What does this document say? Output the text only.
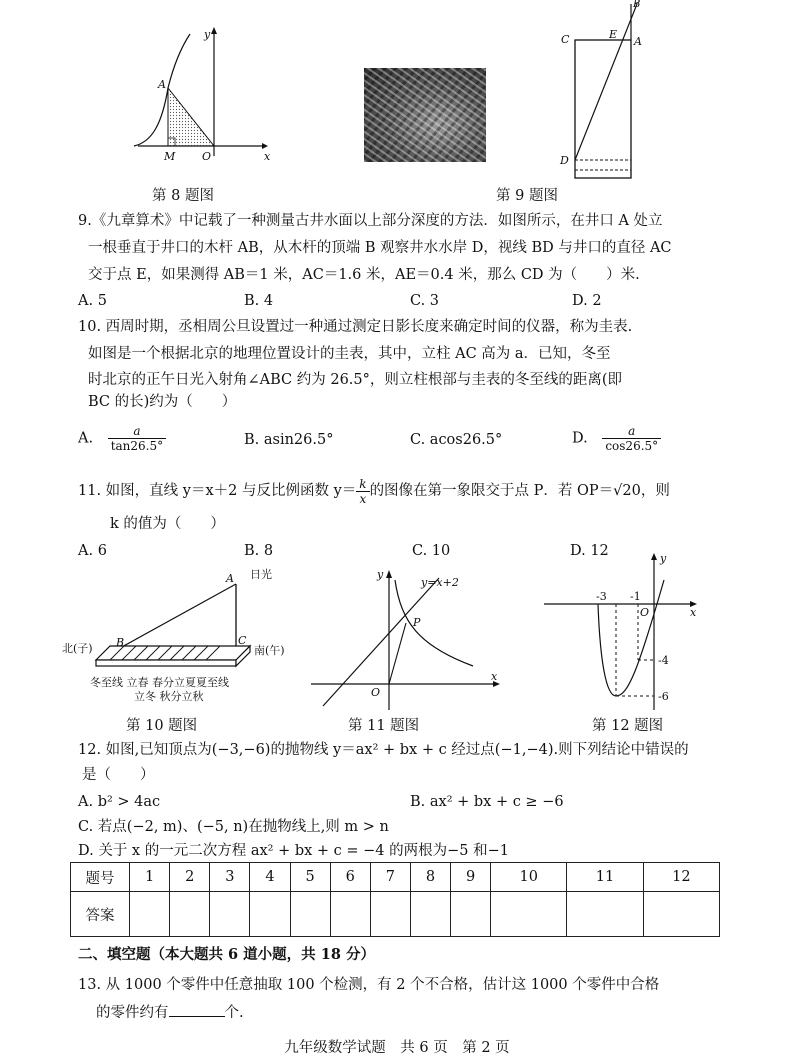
y
x
A
M O
第 8 题图
B
C	E
A
D
第 9 题图
9.《九章算术》中记载了一种测量古井水面以上部分深度的方法．如图所示，在井口 A 处立
一根垂直于井口的木杆 AB，从木杆的顶端 B 观察井水水岸 D，视线 BD 与井口的直径 AC
交于点 E，如果测得 AB＝1 米，AC＝1.6 米，AE＝0.4 米，那么 CD 为（　　）米.
A. 5	B. 4	C. 3	D. 2
10. 西周时期，丞相周公旦设置过一种通过测定日影长度来确定时间的仪器，称为圭表.
如图是一个根据北京的地理位置设计的圭表，其中，立柱 AC 高为 a．已知，冬至
时北京的正午日光入射角∠ABC 约为 26.5°，则立柱根部与圭表的冬至线的距离(即
BC 的长)约为（　　）
A. $\frac{a}{\tan 26.5^\circ}$	B. asin26.5°	C. acos26.5°	D. $\frac{a}{\cos 26.5^\circ}$
11. 如图，直线 y＝x＋2 与反比例函数 $y= \frac{k}{x}$ 的图像在第一象限交于点 P．若 OP＝√20，则
k 的值为（　　）
A. 6	B. 8	C. 10	D. 12
A 日光
B	C
北(子)	南(午)
冬至线 立春 春分立夏夏至线
立冬 秋分立秋
第 10 题图
y
y=x+2
P
O
x
第 11 题图
y
-3 -1
O	x
-4
-6
第 12 题图
12. 如图,已知顶点为(−3,−6)的抛物线 y＝ax² + bx + c 经过点(−1,−4).则下列结论中错误的
是（　　）
A. b² > 4ac	B. ax² + bx + c ≥ −6
C. 若点(−2, m)、(−5, n)在抛物线上,则 m > n
D. 关于 x 的一元二次方程 ax² + bx + c = −4 的两根为−5 和−1
题号	1	2	3	4	5	6	7	8	9	10	11	12
答案												
二、填空题（本大题共 6 道小题，共 18 分）
13. 从 1000 个零件中任意抽取 100 个检测，有 2 个不合格，估计这 1000 个零件中合格
的零件约有	个.
九年级数学试题　共 6 页　第 2 页
